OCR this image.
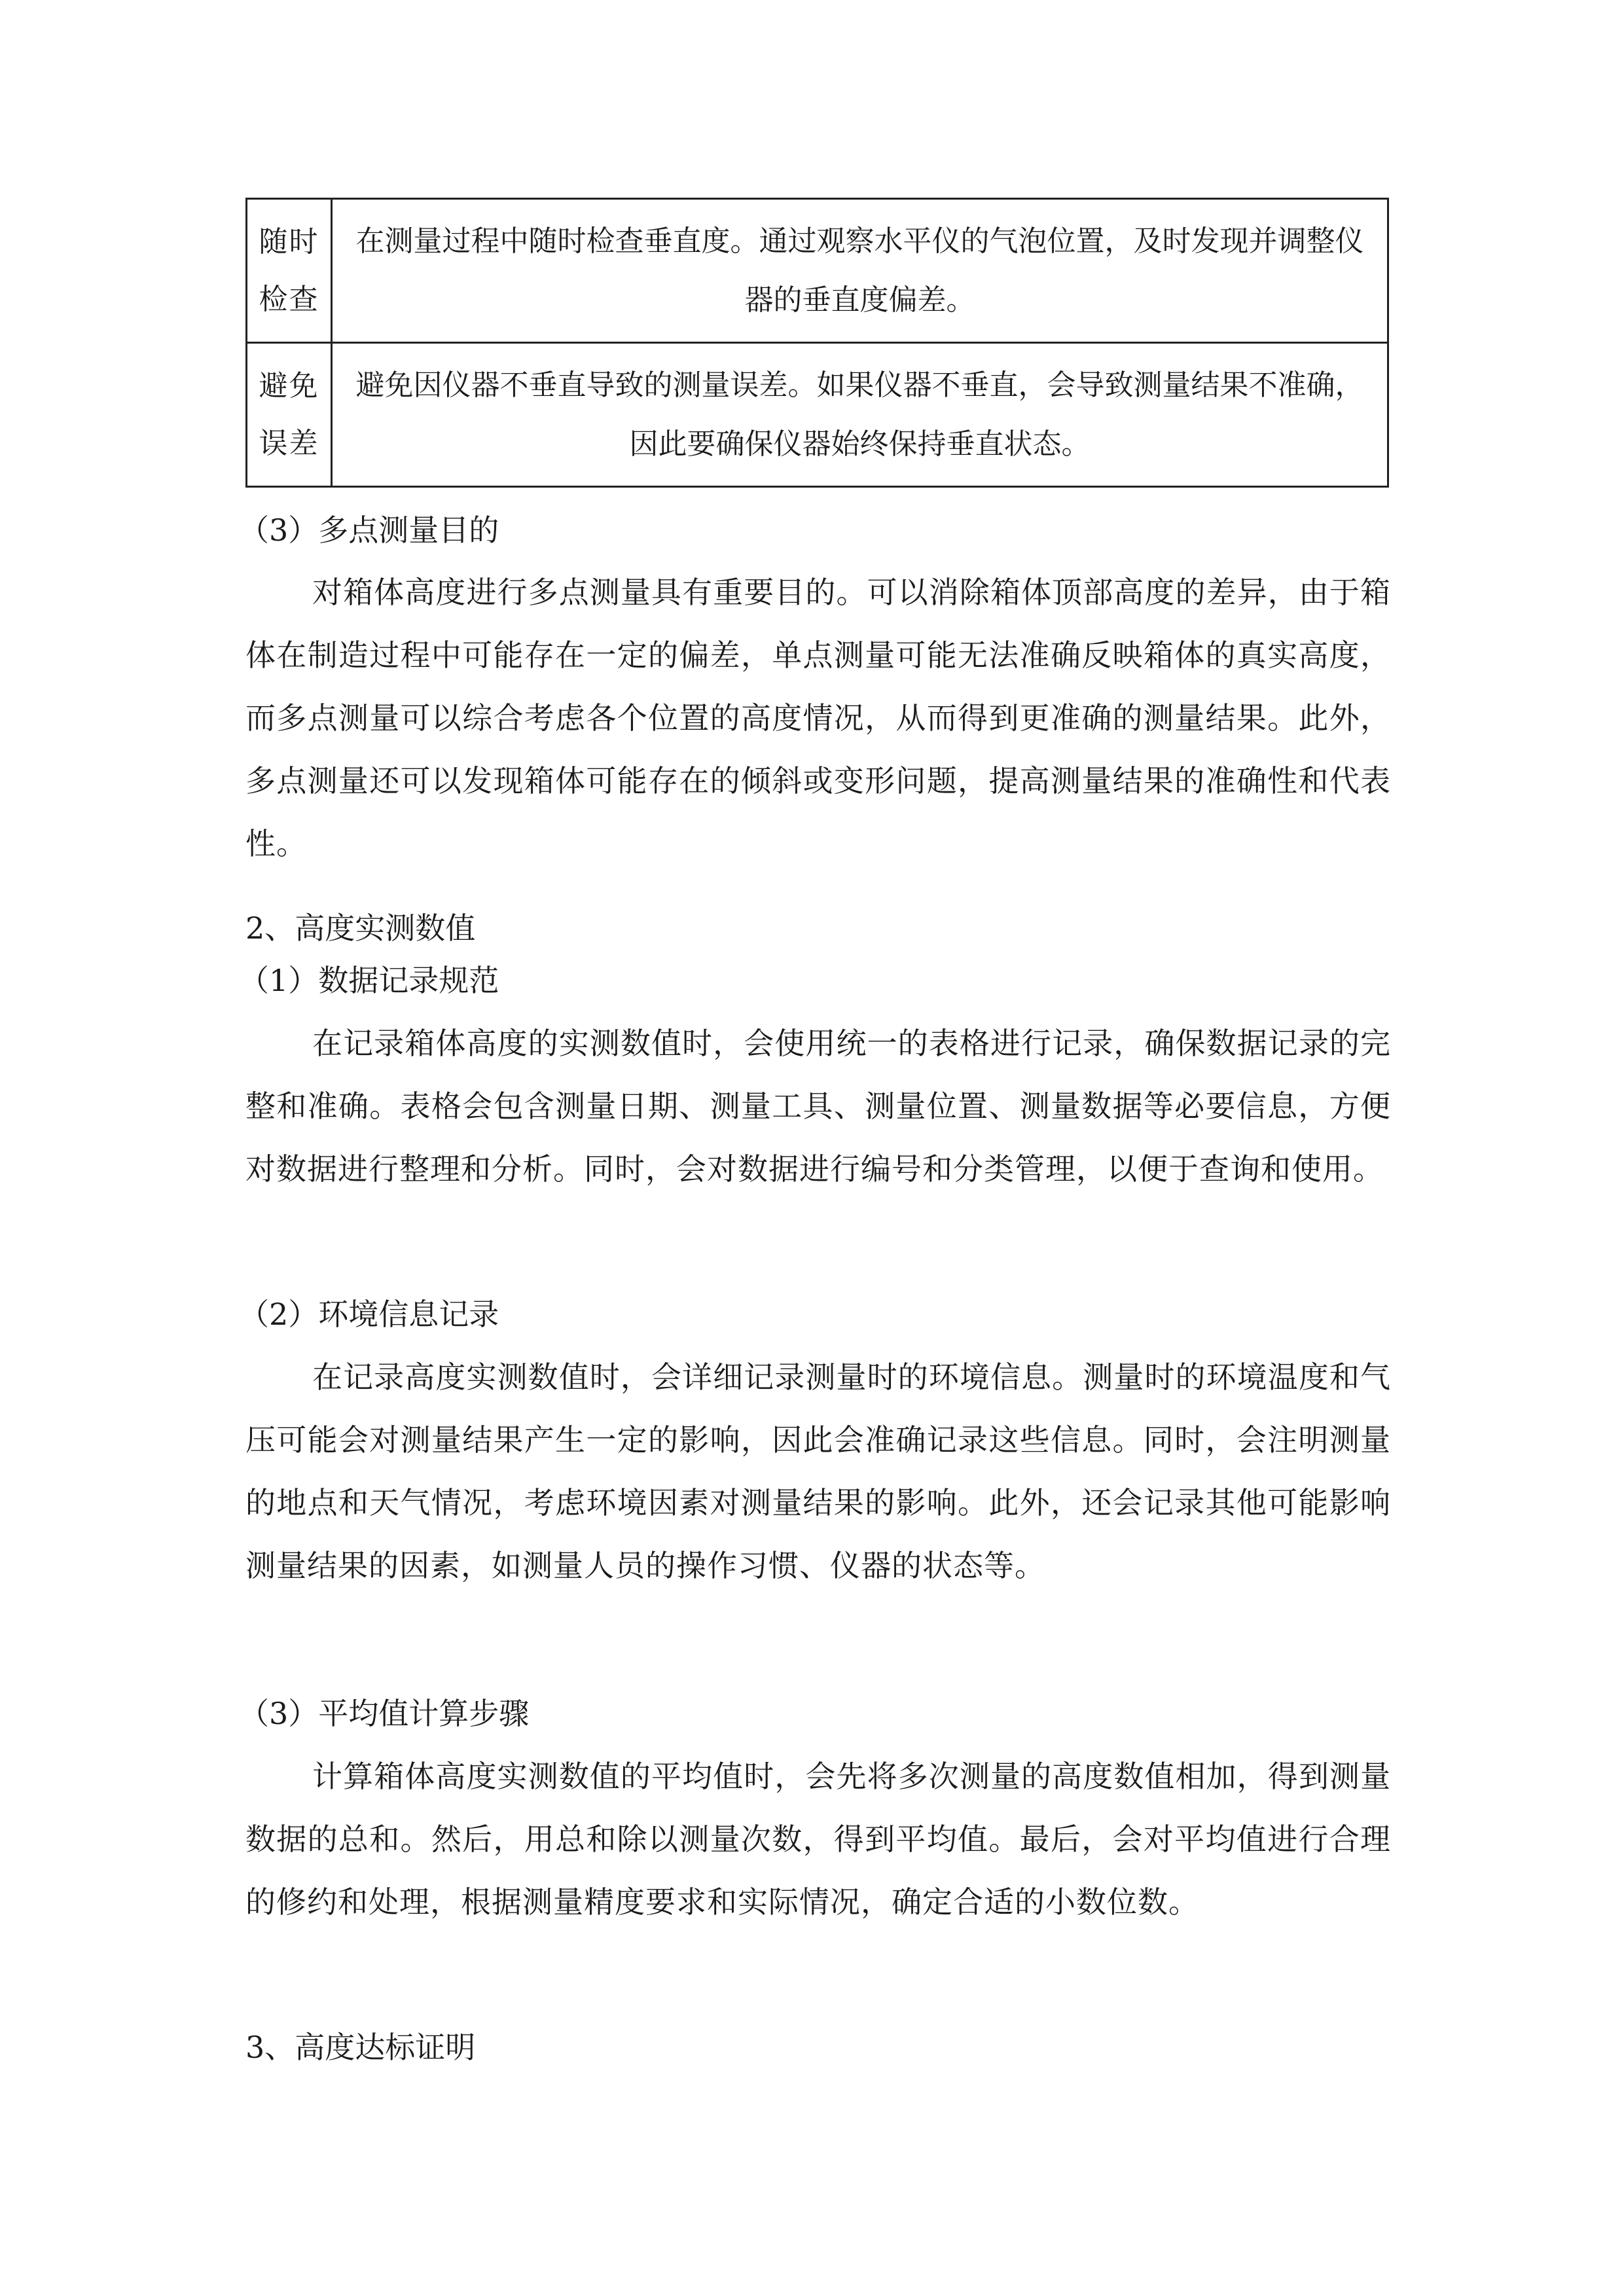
随时
检查	在测量过程中随时检查垂直度。通过观察水平仪的气泡位置，及时发现并调整仪器的垂直度偏差。

避免
误差	避免因仪器不垂直导致的测量误差。如果仪器不垂直，会导致测量结果不准确，因此要确保仪器始终保持垂直状态。
（3）多点测量目的
对箱体高度进行多点测量具有重要目的。可以消除箱体顶部高度的差异，由于箱体在制造过程中可能存在一定的偏差，单点测量可能无法准确反映箱体的真实高度，而多点测量可以综合考虑各个位置的高度情况，从而得到更准确的测量结果。此外，多点测量还可以发现箱体可能存在的倾斜或变形问题，提高测量结果的准确性和代表性。
2、高度实测数值
（1）数据记录规范
在记录箱体高度的实测数值时，会使用统一的表格进行记录，确保数据记录的完整和准确。表格会包含测量日期、测量工具、测量位置、测量数据等必要信息，方便对数据进行整理和分析。同时，会对数据进行编号和分类管理，以便于查询和使用。
（2）环境信息记录
在记录高度实测数值时，会详细记录测量时的环境信息。测量时的环境温度和气压可能会对测量结果产生一定的影响，因此会准确记录这些信息。同时，会注明测量的地点和天气情况，考虑环境因素对测量结果的影响。此外，还会记录其他可能影响测量结果的因素，如测量人员的操作习惯、仪器的状态等。
（3）平均值计算步骤
计算箱体高度实测数值的平均值时，会先将多次测量的高度数值相加，得到测量数据的总和。然后，用总和除以测量次数，得到平均值。最后，会对平均值进行合理的修约和处理，根据测量精度要求和实际情况，确定合适的小数位数。
3、高度达标证明
